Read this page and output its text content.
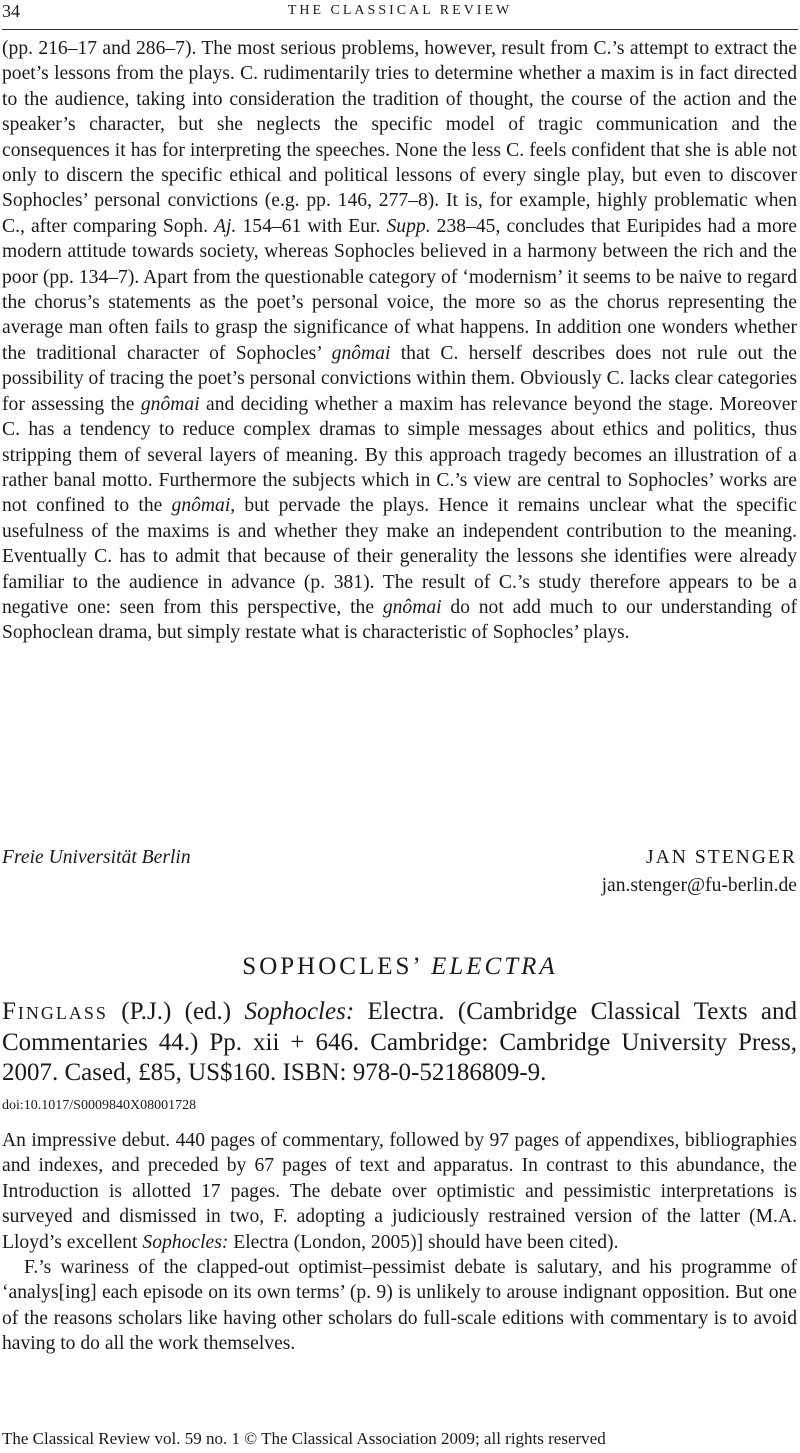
34	THE CLASSICAL REVIEW

(pp. 216–17 and 286–7). The most serious problems, however, result from C.’s attempt to extract the poet’s lessons from the plays. C. rudimentarily tries to determine whether a maxim is in fact directed to the audience, taking into consideration the tradition of thought, the course of the action and the speaker’s character, but she neglects the specific model of tragic communication and the consequences it has for interpreting the speeches. None the less C. feels confident that she is able not only to discern the specific ethical and political lessons of every single play, but even to discover Sophocles’ personal convictions (e.g. pp. 146, 277–8). It is, for example, highly problematic when C., after comparing Soph. Aj. 154–61 with Eur. Supp. 238–45, concludes that Euripides had a more modern attitude towards society, whereas Sophocles believed in a harmony between the rich and the poor (pp. 134–7). Apart from the questionable category of ‘modernism’ it seems to be naive to regard the chorus’s statements as the poet’s personal voice, the more so as the chorus representing the average man often fails to grasp the significance of what happens. In addition one wonders whether the traditional character of Sophocles’ gnômai that C. herself describes does not rule out the possibility of tracing the poet’s personal convictions within them. Obviously C. lacks clear categories for assessing the gnômai and deciding whether a maxim has relevance beyond the stage. Moreover C. has a tendency to reduce complex dramas to simple messages about ethics and politics, thus stripping them of several layers of meaning. By this approach tragedy becomes an illustration of a rather banal motto. Furthermore the subjects which in C.’s view are central to Sophocles’ works are not confined to the gnômai, but pervade the plays. Hence it remains unclear what the specific usefulness of the maxims is and whether they make an independent contribution to the meaning. Eventually C. has to admit that because of their generality the lessons she identifies were already familiar to the audience in advance (p. 381). The result of C.’s study therefore appears to be a negative one: seen from this perspective, the gnômai do not add much to our understanding of Sophoclean drama, but simply restate what is characteristic of Sophocles’ plays.

Freie Universität Berlin	JAN STENGER
jan.stenger@fu-berlin.de
SOPHOCLES’ ELECTRA
Finglass (P.J.) (ed.) Sophocles: Electra. (Cambridge Classical Texts and Commentaries 44.) Pp. xii + 646. Cambridge: Cambridge University Press, 2007. Cased, £85, US$160. ISBN: 978-0-52186809-9.
doi:10.1017/S0009840X08001728

An impressive debut. 440 pages of commentary, followed by 97 pages of appendixes, bibliographies and indexes, and preceded by 67 pages of text and apparatus. In contrast to this abundance, the Introduction is allotted 17 pages. The debate over optimistic and pessimistic interpretations is surveyed and dismissed in two, F. adopting a judiciously restrained version of the latter (M.A. Lloyd’s excellent Sophocles: Electra (London, 2005)] should have been cited).

F.’s wariness of the clapped-out optimist–pessimist debate is salutary, and his programme of ‘analys[ing] each episode on its own terms’ (p. 9) is unlikely to arouse indignant opposition. But one of the reasons scholars like having other scholars do full-scale editions with commentary is to avoid having to do all the work themselves.

The Classical Review vol. 59 no. 1 © The Classical Association 2009; all rights reserved
